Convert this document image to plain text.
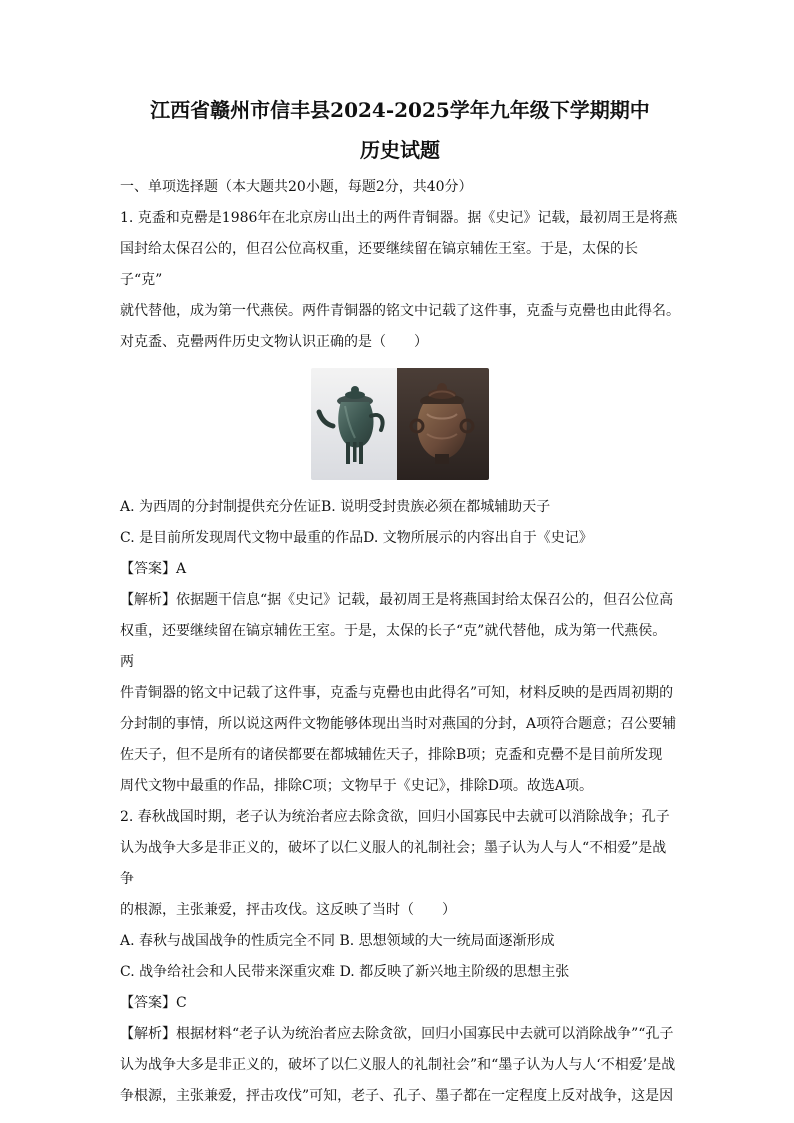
江西省赣州市信丰县2024-2025学年九年级下学期期中
历史试题

一、单项选择题（本大题共20小题，每题2分，共40分）

1. 克盉和克罍是1986年在北京房山出土的两件青铜器。据《史记》记载，最初周王是将燕

国封给太保召公的，但召公位高权重，还要继续留在镐京辅佐王室。于是，太保的长子“克”

就代替他，成为第一代燕侯。两件青铜器的铭文中记载了这件事，克盉与克罍也由此得名。

对克盉、克罍两件历史文物认识正确的是（　　）

A. 为西周的分封制提供充分佐证B. 说明受封贵族必须在都城辅助天子

C. 是目前所发现周代文物中最重的作品D. 文物所展示的内容出自于《史记》

【答案】A

【解析】依据题干信息“据《史记》记载，最初周王是将燕国封给太保召公的，但召公位高

权重，还要继续留在镐京辅佐王室。于是，太保的长子“克”就代替他，成为第一代燕侯。两

件青铜器的铭文中记载了这件事，克盉与克罍也由此得名”可知，材料反映的是西周初期的

分封制的事情，所以说这两件文物能够体现出当时对燕国的分封，A项符合题意；召公要辅

佐天子，但不是所有的诸侯都要在都城辅佐天子，排除B项；克盉和克罍不是目前所发现

周代文物中最重的作品，排除C项；文物早于《史记》，排除D项。故选A项。

2. 春秋战国时期，老子认为统治者应去除贪欲，回归小国寡民中去就可以消除战争；孔子

认为战争大多是非正义的，破坏了以仁义服人的礼制社会；墨子认为人与人“不相爱”是战争

的根源，主张兼爱，抨击攻伐。这反映了当时（　　）

A. 春秋与战国战争的性质完全不同 B. 思想领域的大一统局面逐渐形成

C. 战争给社会和人民带来深重灾难 D. 都反映了新兴地主阶级的思想主张

【答案】C

【解析】根据材料“老子认为统治者应去除贪欲，回归小国寡民中去就可以消除战争”“孔子

认为战争大多是非正义的，破坏了以仁义服人的礼制社会”和“墨子认为人与人‘不相爱’是战

争根源，主张兼爱，抨击攻伐”可知，老子、孔子、墨子都在一定程度上反对战争，这是因
